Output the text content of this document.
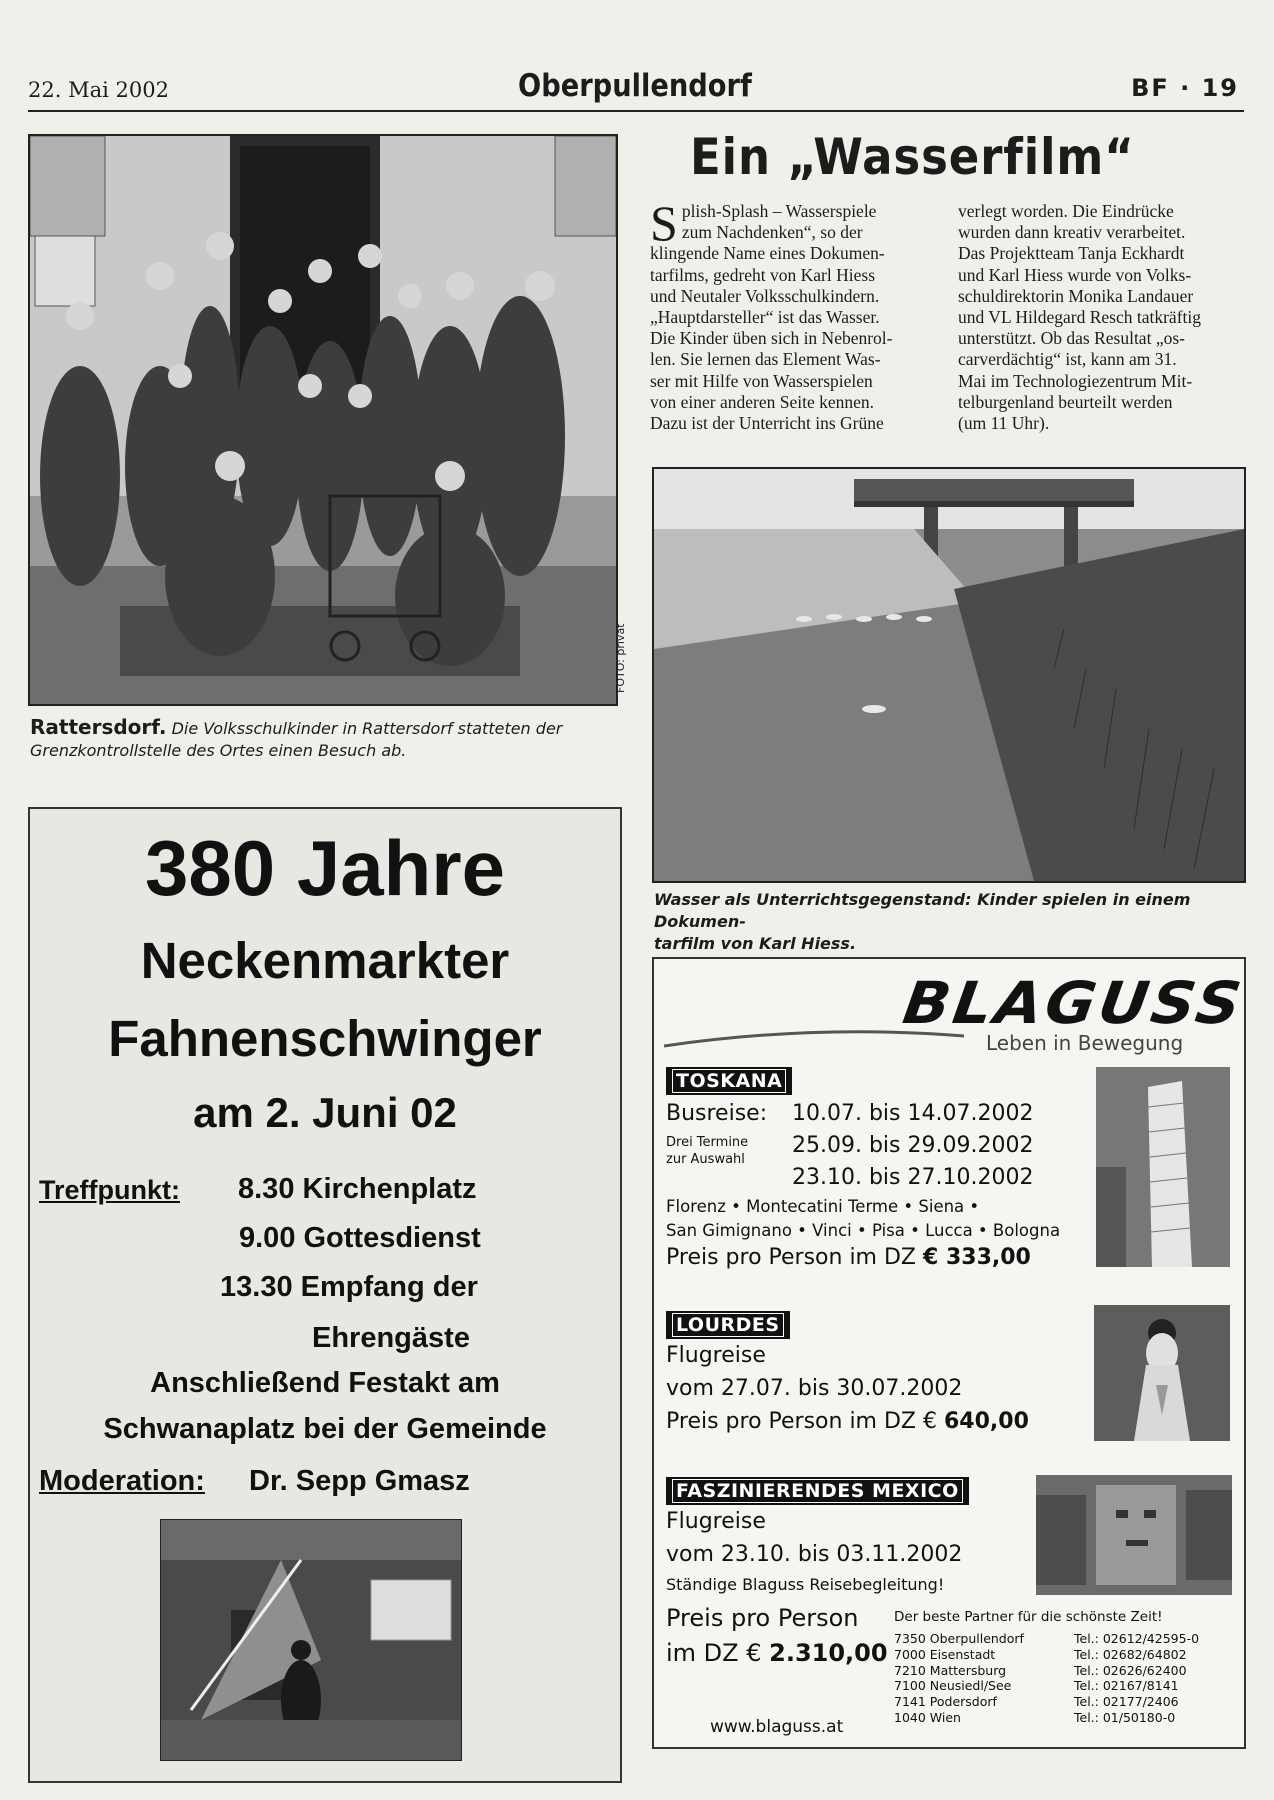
22. Mai 2002	Oberpullendorf	BF · 19
FOTO: privat
Rattersdorf. Die Volksschulkinder in Rattersdorf statteten der Grenzkontrollstelle des Ortes einen Besuch ab.
Ein „Wasserfilm“
S plish-Splash – Wasserspiele
zum Nachdenken“, so der
klingende Name eines Dokumen-
tarfilms, gedreht von Karl Hiess
und Neutaler Volksschulkindern.
„Hauptdarsteller“ ist das Wasser.
Die Kinder üben sich in Nebenrol-
len. Sie lernen das Element Was-
ser mit Hilfe von Wasserspielen
von einer anderen Seite kennen.
Dazu ist der Unterricht ins Grüne
verlegt worden. Die Eindrücke
wurden dann kreativ verarbeitet.
Das Projektteam Tanja Eckhardt
und Karl Hiess wurde von Volks-
schuldirektorin Monika Landauer
und VL Hildegard Resch tatkräftig
unterstützt. Ob das Resultat „os-
carverdächtig“ ist, kann am 31.
Mai im Technologiezentrum Mit-
telburgenland beurteilt werden
(um 11 Uhr).
Wasser als Unterrichtsgegenstand: Kinder spielen in einem Dokumen-
tarfilm von Karl Hiess.
380 Jahre
Neckenmarkter
Fahnenschwinger
am 2. Juni 02
Treffpunkt: 8.30 Kirchenplatz
9.00 Gottesdienst
13.30 Empfang der
Ehrengäste
Anschließend Festakt am
Schwanaplatz bei der Gemeinde
Moderation: Dr. Sepp Gmasz
BLAGUSS
Leben in Bewegung
TOSKANA
Busreise: 10.07. bis 14.07.2002
Drei Termine
zur Auswahl
25.09. bis 29.09.2002
23.10. bis 27.10.2002
Florenz • Montecatini Terme • Siena •
San Gimignano • Vinci • Pisa • Lucca • Bologna
Preis pro Person im DZ € 333,00
LOURDES
Flugreise
vom 27.07. bis 30.07.2002
Preis pro Person im DZ € 640,00
FASZINIERENDES MEXICO
Flugreise
vom 23.10. bis 03.11.2002
Ständige Blaguss Reisebegleitung!
Preis pro Person
im DZ € 2.310,00
Der beste Partner für die schönste Zeit!
7350 Oberpullendorf
7000 Eisenstadt
7210 Mattersburg
7100 Neusiedl/See
7141 Podersdorf
1040 Wien
Tel.: 02612/42595-0
Tel.: 02682/64802
Tel.: 02626/62400
Tel.: 02167/8141
Tel.: 02177/2406
Tel.: 01/50180-0
www.blaguss.at
